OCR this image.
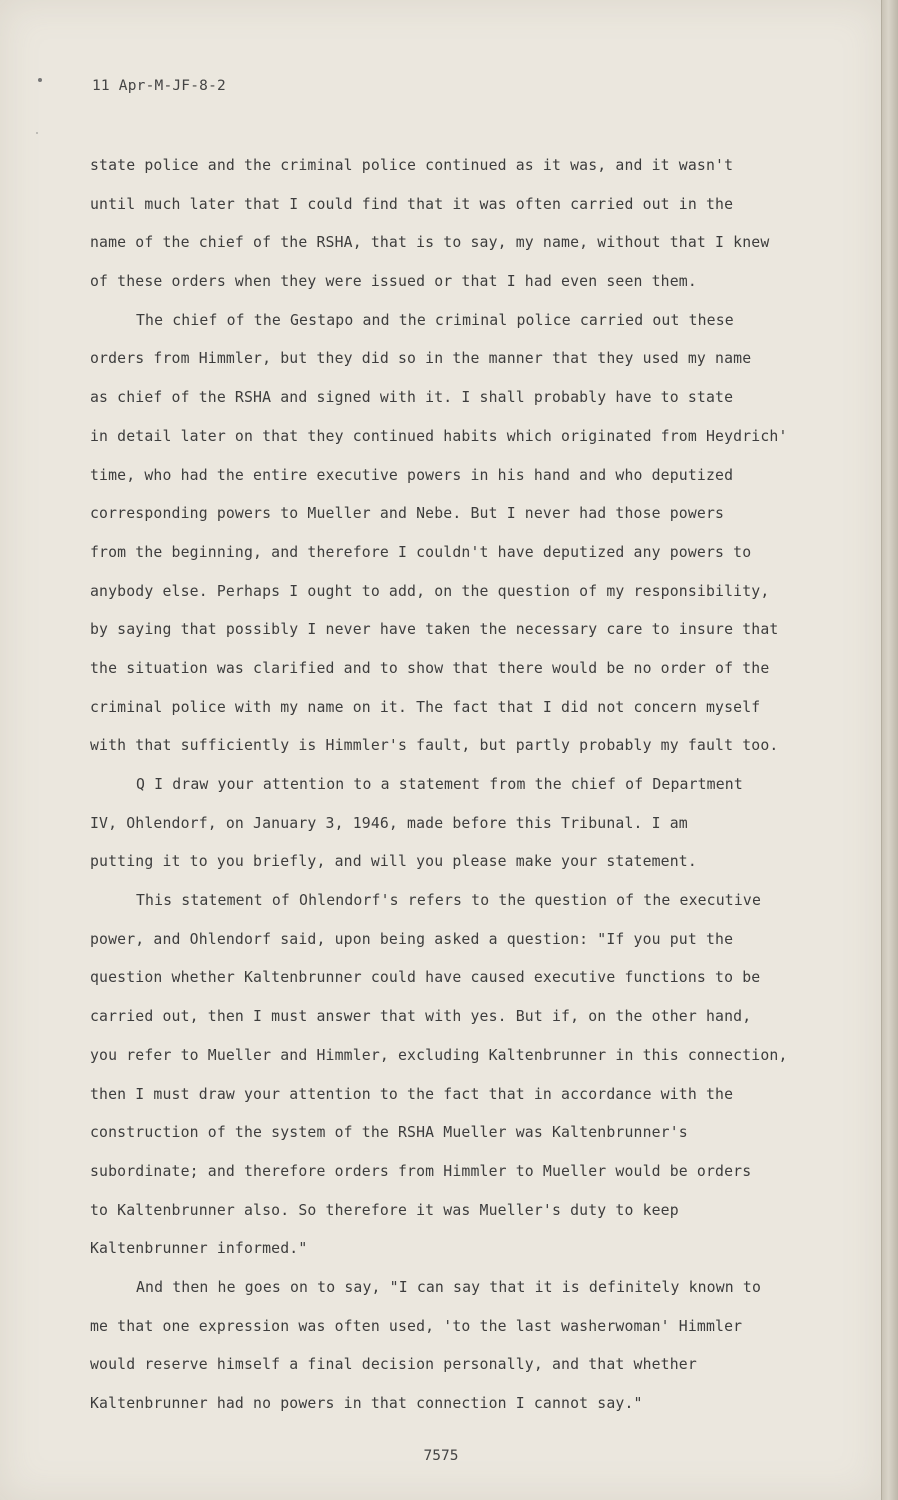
11 Apr-M-JF-8-2
state police and the criminal police continued as it was, and it wasn't
until much later that I could find that it was often carried out in the
name of the chief of the RSHA, that is to say, my name, without that I knew
of these orders when they were issued or that I had even seen them.
The chief of the Gestapo and the criminal police carried out these
orders from Himmler, but they did so in the manner that they used my name
as chief of the RSHA and signed with it. I shall probably have to state
in detail later on that they continued habits which originated from Heydrich'
time, who had the entire executive powers in his hand and who deputized
corresponding powers to Mueller and Nebe. But I never had those powers
from the beginning, and therefore I couldn't have deputized any powers to
anybody else. Perhaps I ought to add, on the question of my responsibility,
by saying that possibly I never have taken the necessary care to insure that
the situation was clarified and to show that there would be no order of the
criminal police with my name on it. The fact that I did not concern myself
with that sufficiently is Himmler's fault, but partly probably my fault too.
Q I draw your attention to a statement from the chief of Department
IV, Ohlendorf, on January 3, 1946, made before this Tribunal. I am
putting it to you briefly, and will you please make your statement.
This statement of Ohlendorf's refers to the question of the executive
power, and Ohlendorf said, upon being asked a question: "If you put the
question whether Kaltenbrunner could have caused executive functions to be
carried out, then I must answer that with yes. But if, on the other hand,
you refer to Mueller and Himmler, excluding Kaltenbrunner in this connection,
then I must draw your attention to the fact that in accordance with the
construction of the system of the RSHA Mueller was Kaltenbrunner's
subordinate; and therefore orders from Himmler to Mueller would be orders
to Kaltenbrunner also. So therefore it was Mueller's duty to keep
Kaltenbrunner informed."
And then he goes on to say, "I can say that it is definitely known to
me that one expression was often used, 'to the last washerwoman' Himmler
would reserve himself a final decision personally, and that whether
Kaltenbrunner had no powers in that connection I cannot say."
7575
